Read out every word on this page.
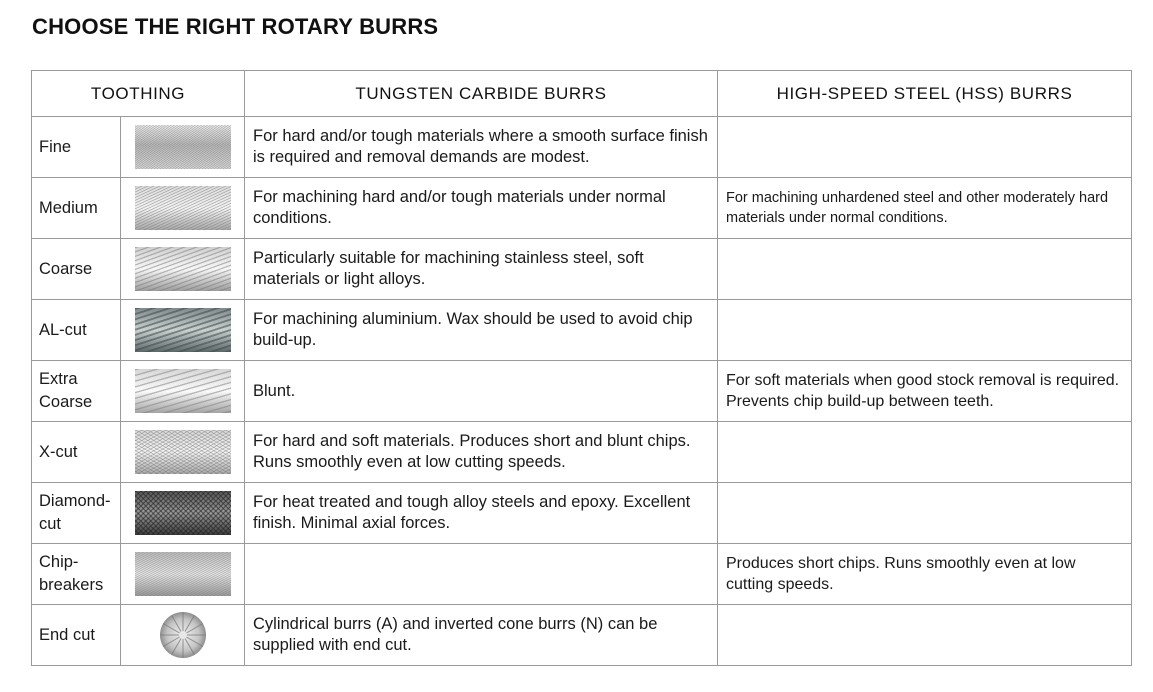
CHOOSE THE RIGHT ROTARY BURRS
TOOTHING		TUNGSTEN CARBIDE BURRS	HIGH-SPEED STEEL (HSS) BURRS
Fine		For hard and/or tough materials where a smooth surface finish is required and removal demands are modest.	
Medium		For machining hard and/or tough materials under normal conditions.	For machining unhardened steel and other moderately hard materials under normal conditions.
Coarse		Particularly suitable for machining stainless steel, soft materials or light alloys.	
AL-cut		For machining aluminium. Wax should be used to avoid chip build-up.	
Extra Coarse		Blunt.	For soft materials when good stock removal is required. Prevents chip build-up between teeth.
X-cut		For hard and soft materials. Produces short and blunt chips. Runs smoothly even at low cutting speeds.	
Diamond-cut		For heat treated and tough alloy steels and epoxy. Excellent finish. Minimal axial forces.	
Chip-breakers			Produces short chips. Runs smoothly even at low cutting speeds.
End cut		Cylindrical burrs (A) and inverted cone burrs (N) can be supplied with end cut.	
